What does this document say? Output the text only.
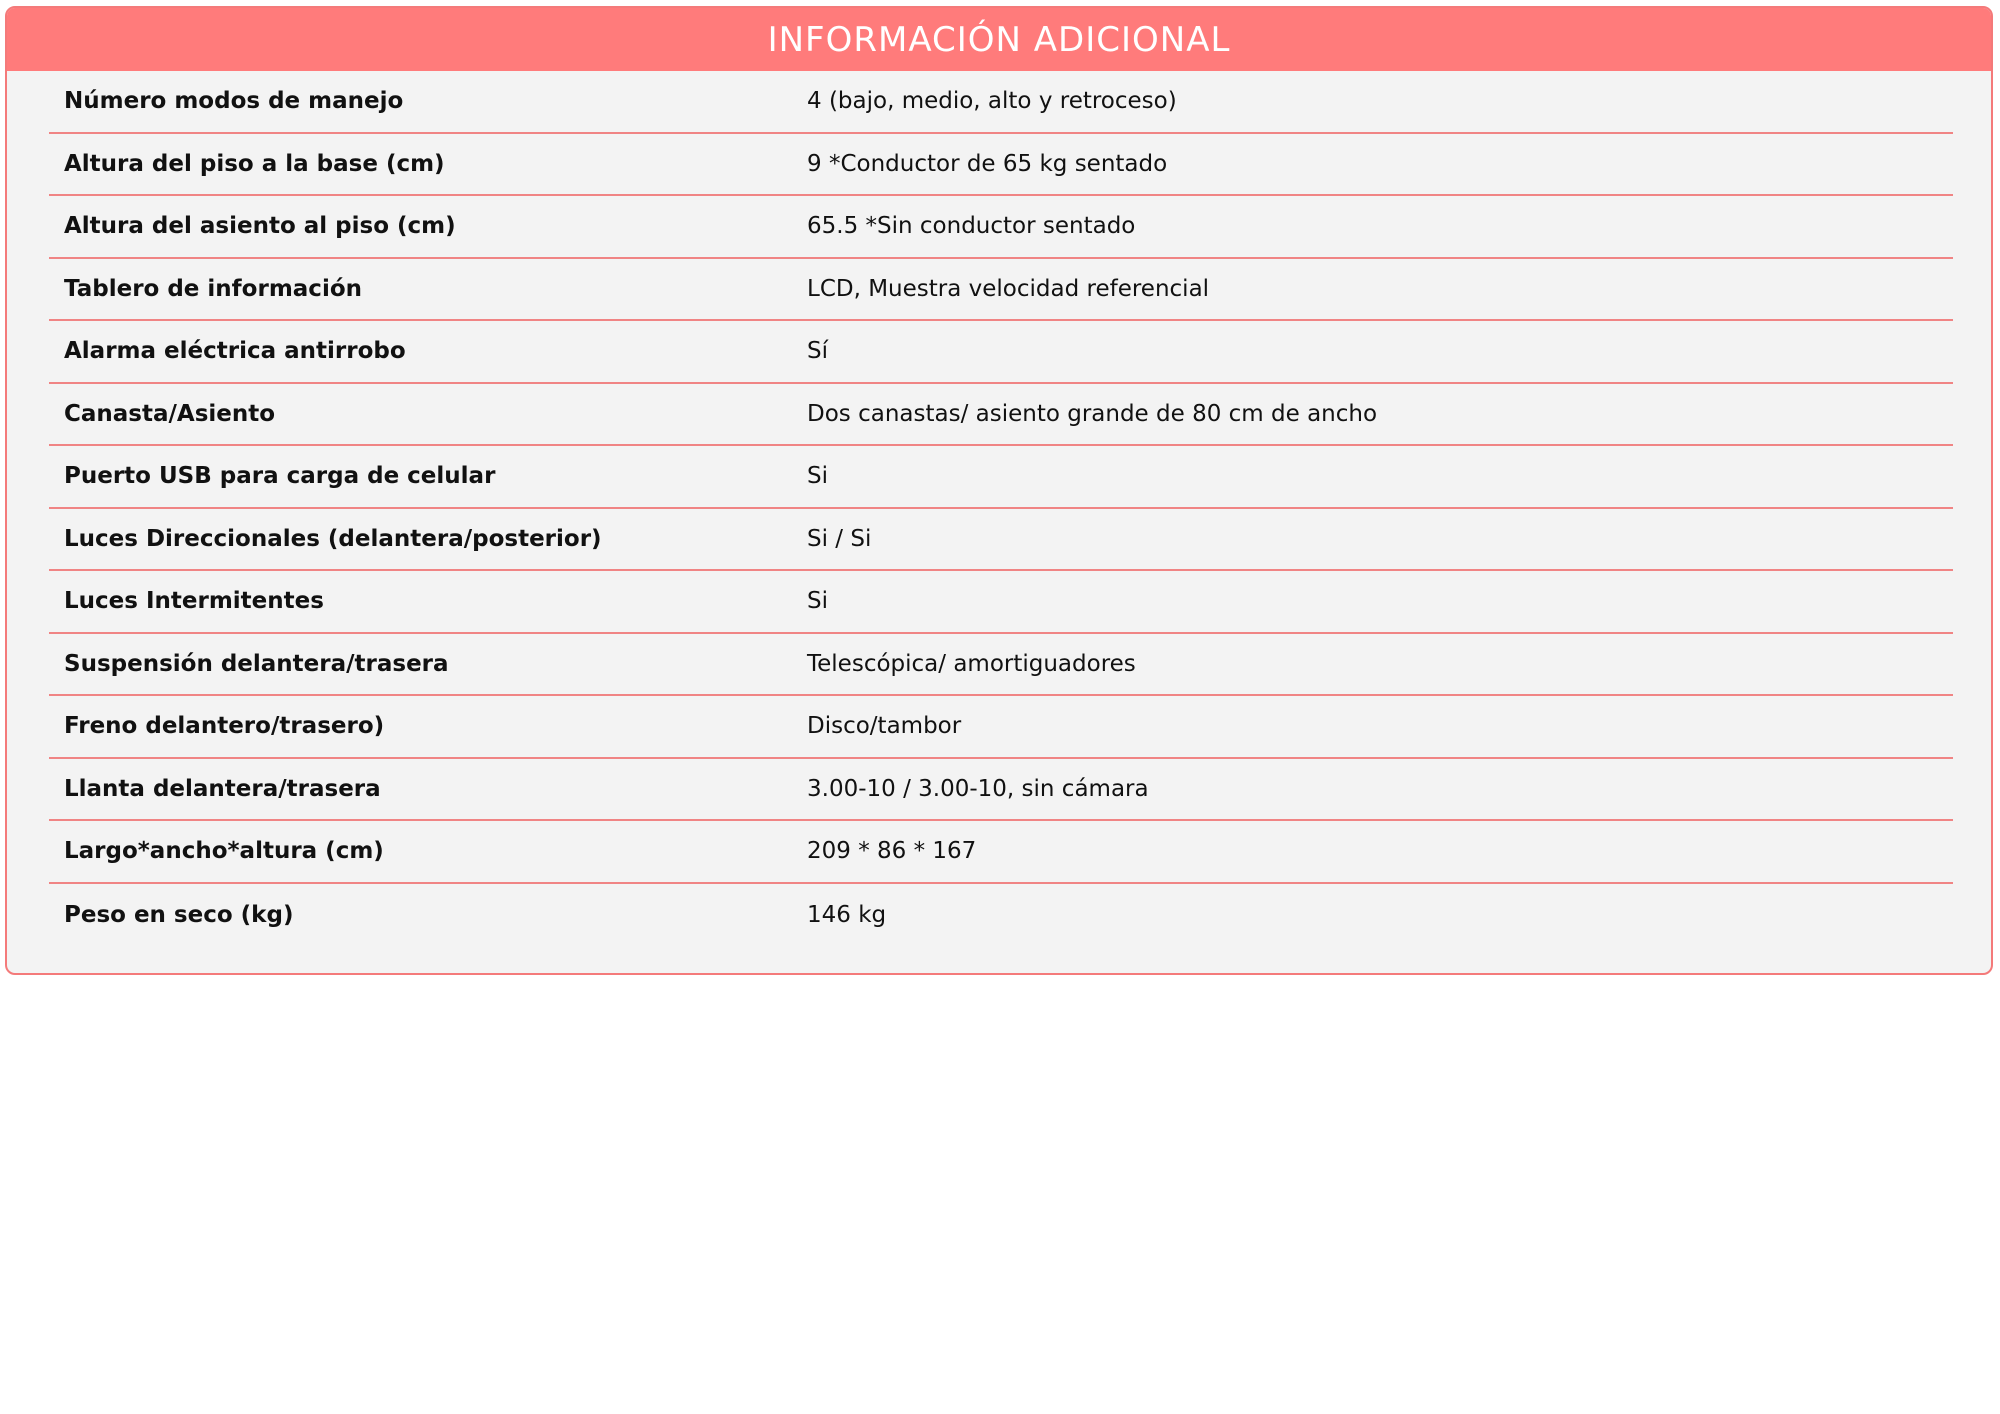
INFORMACIÓN ADICIONAL
Número modos de manejo	4 (bajo, medio, alto y retroceso)
Altura del piso a la base (cm)	9 *Conductor de 65 kg sentado
Altura del asiento al piso (cm)	65.5 *Sin conductor sentado
Tablero de información	LCD, Muestra velocidad referencial
Alarma eléctrica antirrobo	Sí
Canasta/Asiento	Dos canastas/ asiento grande de 80 cm de ancho
Puerto USB para carga de celular	Si
Luces Direccionales (delantera/posterior)	Si / Si
Luces Intermitentes	Si
Suspensión delantera/trasera	Telescópica/ amortiguadores
Freno delantero/trasero)	Disco/tambor
Llanta delantera/trasera	3.00-10 / 3.00-10, sin cámara
Largo*ancho*altura (cm)	209 * 86 * 167
Peso en seco (kg)	146 kg
